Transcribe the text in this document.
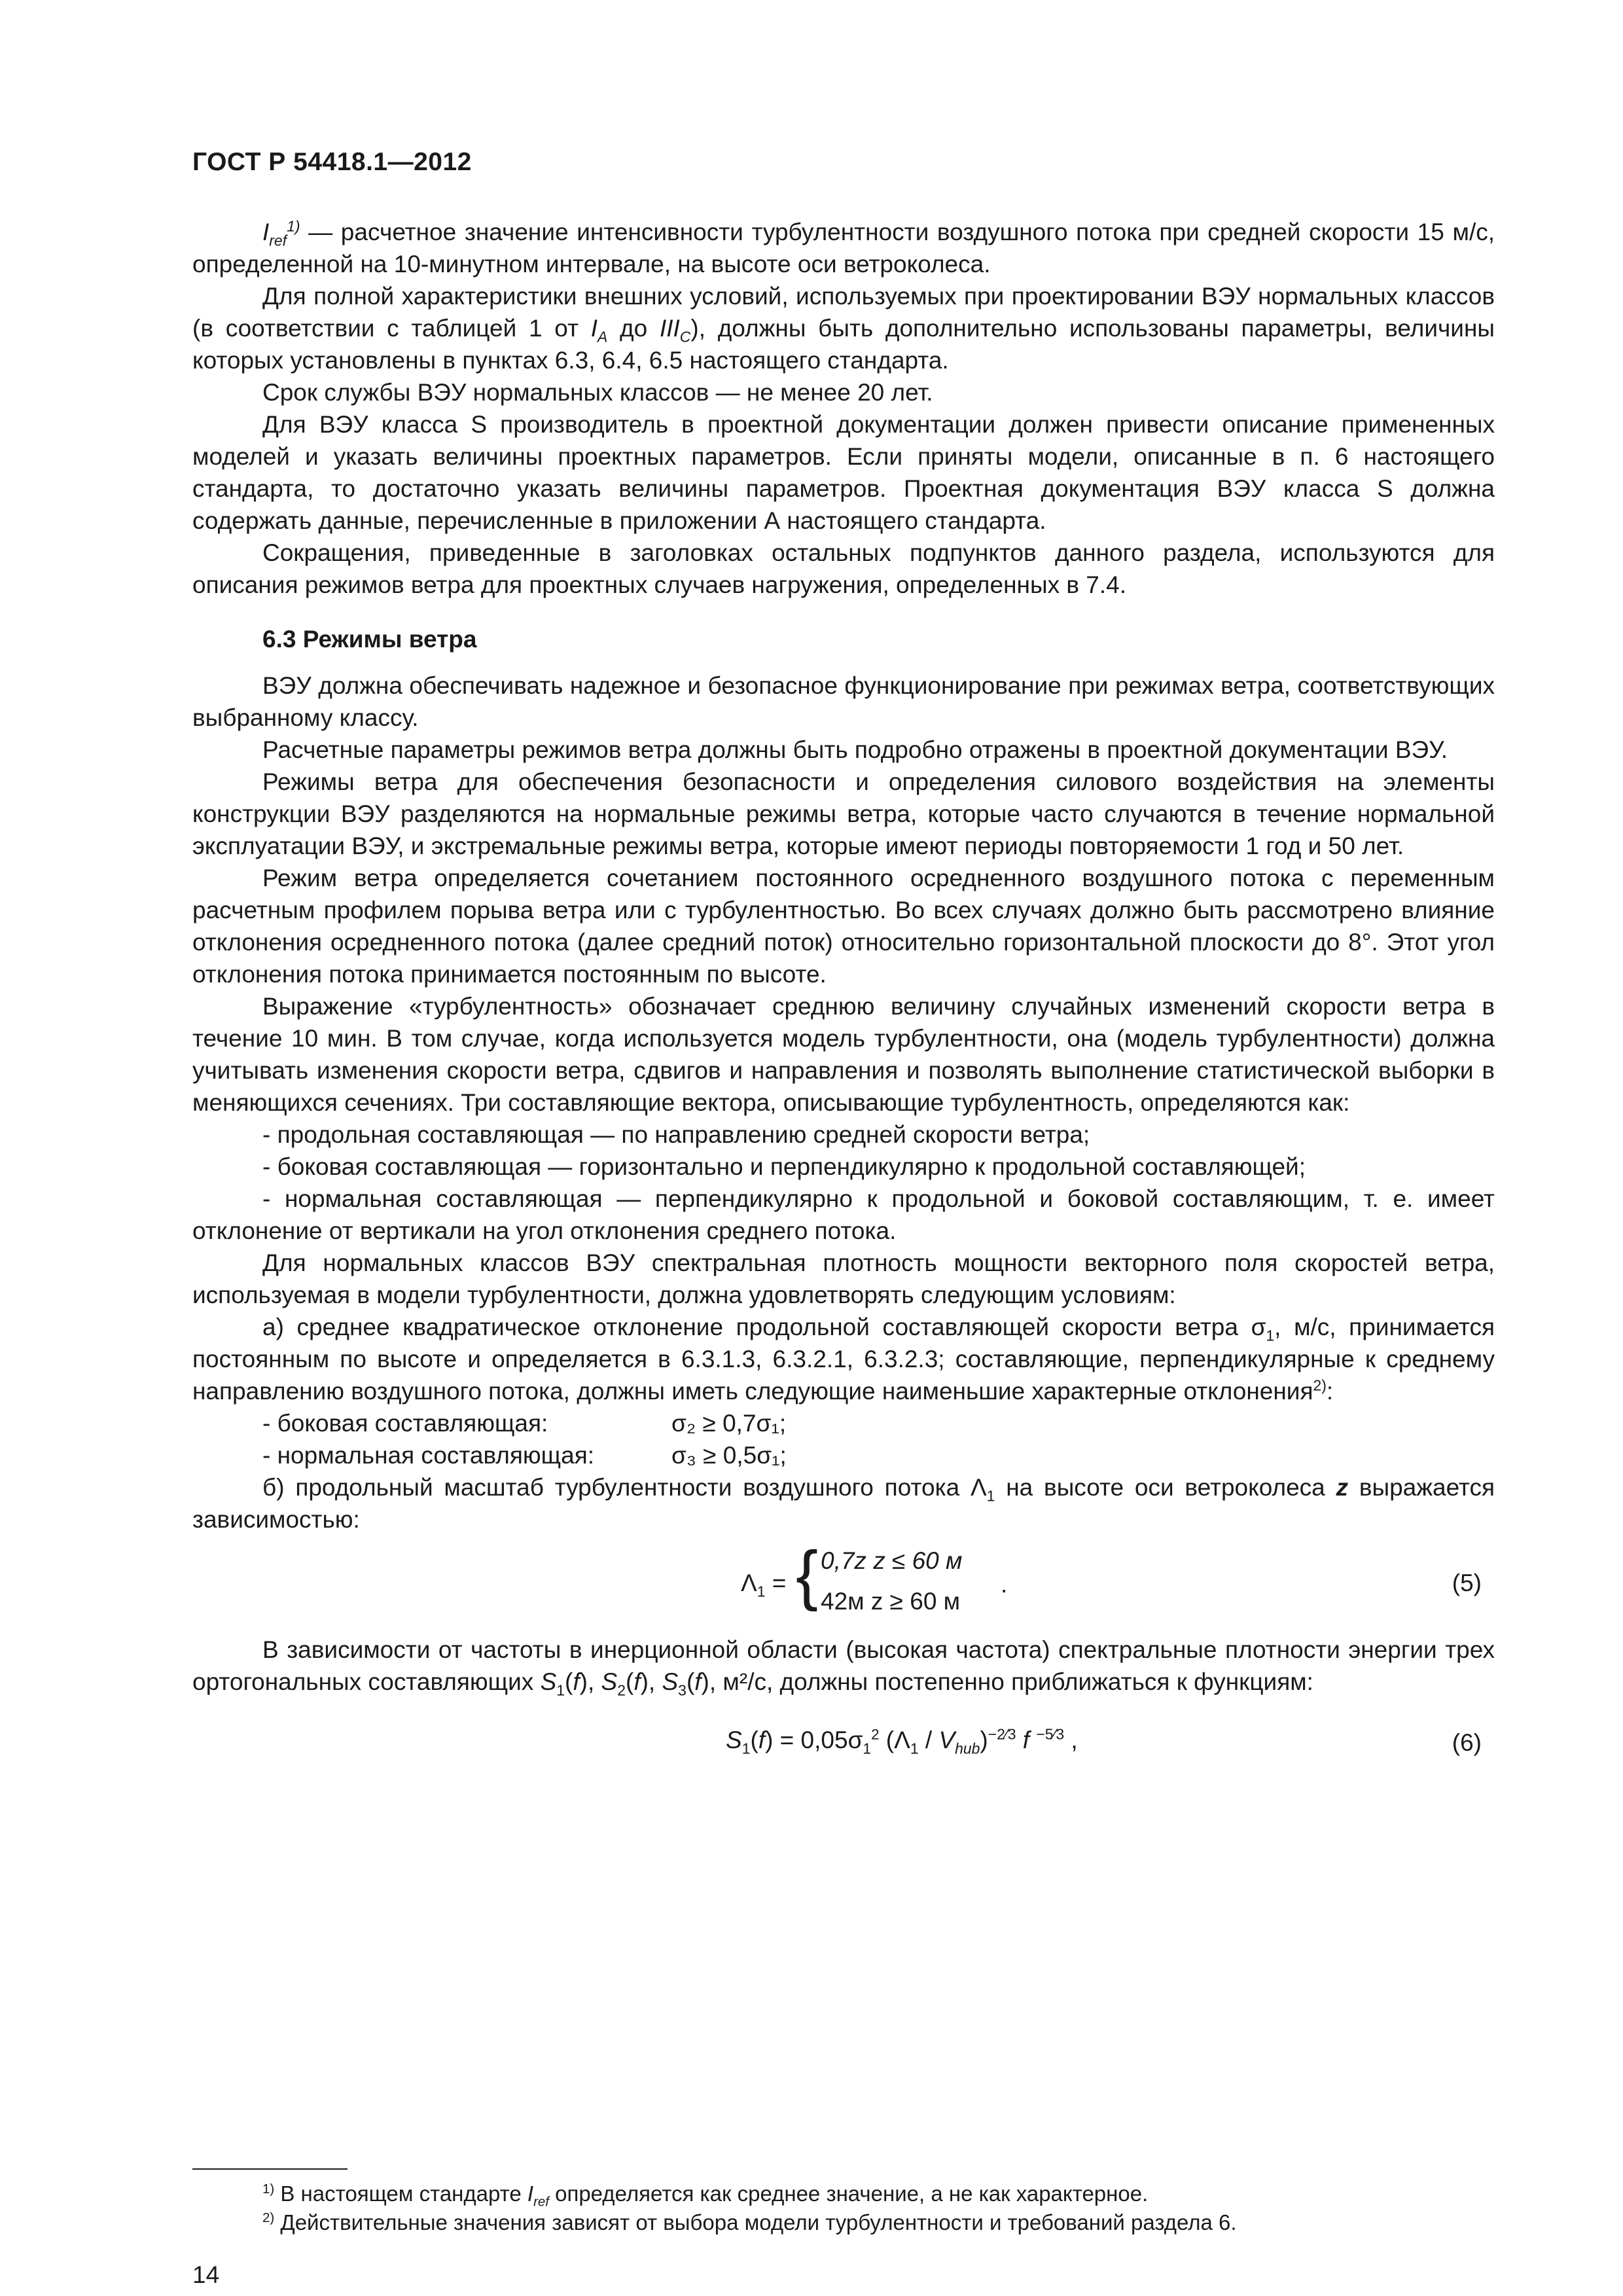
ГОСТ Р 54418.1—2012

$I_{ref}^{1)}$ — расчетное значение интенсивности турбулентности воздушного потока при средней скорости 15 м/с, определенной на 10-минутном интервале, на высоте оси ветроколеса.

Для полной характеристики внешних условий, используемых при проектировании ВЭУ нормальных классов (в соответствии с таблицей 1 от $I_A$ до $III_C$), должны быть дополнительно использованы параметры, величины которых установлены в пунктах 6.3, 6.4, 6.5 настоящего стандарта.

Срок службы ВЭУ нормальных классов — не менее 20 лет.

Для ВЭУ класса S производитель в проектной документации должен привести описание примененных моделей и указать величины проектных параметров. Если приняты модели, описанные в п. 6 настоящего стандарта, то достаточно указать величины параметров. Проектная документация ВЭУ класса S должна содержать данные, перечисленные в приложении А настоящего стандарта.

Сокращения, приведенные в заголовках остальных подпунктов данного раздела, используются для описания режимов ветра для проектных случаев нагружения, определенных в 7.4.

6.3 Режимы ветра

ВЭУ должна обеспечивать надежное и безопасное функционирование при режимах ветра, соответствующих выбранному классу.

Расчетные параметры режимов ветра должны быть подробно отражены в проектной документации ВЭУ.

Режимы ветра для обеспечения безопасности и определения силового воздействия на элементы конструкции ВЭУ разделяются на нормальные режимы ветра, которые часто случаются в течение нормальной эксплуатации ВЭУ, и экстремальные режимы ветра, которые имеют периоды повторяемости 1 год и 50 лет.

Режим ветра определяется сочетанием постоянного осредненного воздушного потока с переменным расчетным профилем порыва ветра или с турбулентностью. Во всех случаях должно быть рассмотрено влияние отклонения осредненного потока (далее средний поток) относительно горизонтальной плоскости до 8°. Этот угол отклонения потока принимается постоянным по высоте.

Выражение «турбулентность» обозначает среднюю величину случайных изменений скорости ветра в течение 10 мин. В том случае, когда используется модель турбулентности, она (модель турбулентности) должна учитывать изменения скорости ветра, сдвигов и направления и позволять выполнение статистической выборки в меняющихся сечениях. Три составляющие вектора, описывающие турбулентность, определяются как:

- продольная составляющая — по направлению средней скорости ветра;

- боковая составляющая — горизонтально и перпендикулярно к продольной составляющей;

- нормальная составляющая — перпендикулярно к продольной и боковой составляющим, т. е. имеет отклонение от вертикали на угол отклонения среднего потока.

Для нормальных классов ВЭУ спектральная плотность мощности векторного поля скоростей ветра, используемая в модели турбулентности, должна удовлетворять следующим условиям:

а) среднее квадратическое отклонение продольной составляющей скорости ветра $\sigma_1$, м/с, принимается постоянным по высоте и определяется в 6.3.1.3, 6.3.2.1, 6.3.2.3; составляющие, перпендикулярные к среднему направлению воздушного потока, должны иметь следующие наименьшие характерные отклонения$^{2)}$:

- боковая составляющая:	σ₂ ≥ 0,7σ₁;
- нормальная составляющая:	σ₃ ≥ 0,5σ₁;

б) продольный масштаб турбулентности воздушного потока $\Lambda_1$ на высоте оси ветроколеса z выражается зависимостью:

$\Lambda_1$ = { 0,7z z ≤ 60 м
42м z ≥ 60 м
.	(5)

В зависимости от частоты в инерционной области (высокая частота) спектральные плотности энергии трех ортогональных составляющих $S_1(f)$, $S_2(f)$, $S_3(f)$, м²/с, должны постепенно приближаться к функциям:

$S_1(f) = 0,05\sigma_1^2$ $(\Lambda_1 / V_{hub})^{-2⁄3}$ f $^{-5⁄3}$ ,	(6)
$^{1)}$ В настоящем стандарте $I_{ref}$ определяется как среднее значение, а не как характерное.
$^{2)}$ Действительные значения зависят от выбора модели турбулентности и требований раздела 6.
14
